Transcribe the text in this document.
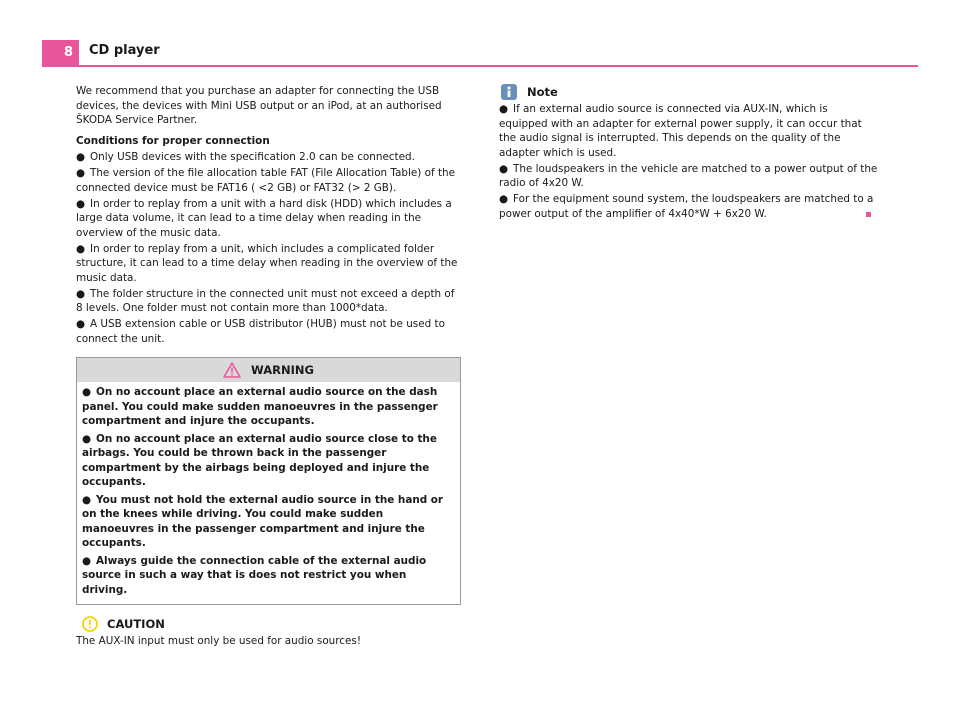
8	CD player

We recommend that you purchase an adapter for connecting the USB devices, the devices with Mini USB output or an iPod, at an authorised ŠKODA Service Partner.

Conditions for proper connection

● Only USB devices with the specification 2.0 can be connected.

● The version of the file allocation table FAT (File Allocation Table) of the connected device must be FAT16 ( <2 GB) or FAT32 (> 2 GB).

● In order to replay from a unit with a hard disk (HDD) which includes a large data volume, it can lead to a time delay when reading in the overview of the music data.

● In order to replay from a unit, which includes a complicated folder structure, it can lead to a time delay when reading in the overview of the music data.

● The folder structure in the connected unit must not exceed a depth of 8 levels. One folder must not contain more than 1000*data.

● A USB extension cable or USB distributor (HUB) must not be used to connect the unit.

WARNING

● On no account place an external audio source on the dash panel. You could make sudden manoeuvres in the passenger compartment and injure the occupants.

● On no account place an external audio source close to the airbags. You could be thrown back in the passenger compartment by the airbags being deployed and injure the occupants.

● You must not hold the external audio source in the hand or on the knees while driving. You could make sudden manoeuvres in the passenger compartment and injure the occupants.

● Always guide the connection cable of the external audio source in such a way that is does not restrict you when driving.

CAUTION

The AUX-IN input must only be used for audio sources!

Note

● If an external audio source is connected via AUX-IN, which is equipped with an adapter for external power supply, it can occur that the audio signal is interrupted. This depends on the quality of the adapter which is used.

● The loudspeakers in the vehicle are matched to a power output of the radio of 4x20 W.

● For the equipment sound system, the loudspeakers are matched to a power output of the amplifier of 4x40*W + 6x20 W.
